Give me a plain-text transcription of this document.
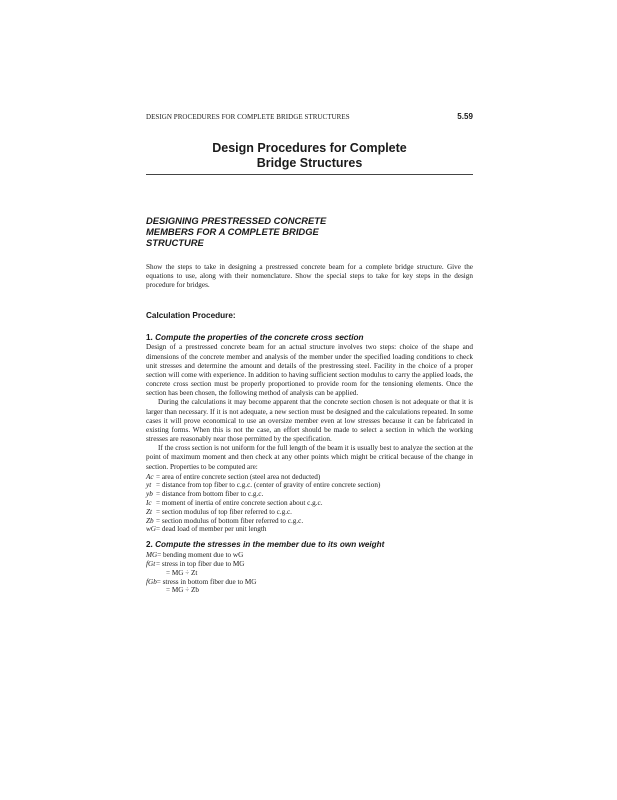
DESIGN PROCEDURES FOR COMPLETE BRIDGE STRUCTURES	5.59
Design Procedures for Complete
Bridge Structures
DESIGNING PRESTRESSED CONCRETE
MEMBERS FOR A COMPLETE BRIDGE
STRUCTURE

Show the steps to take in designing a prestressed concrete beam for a complete bridge structure. Give the equations to use, along with their nomenclature. Show the special steps to take for key steps in the design procedure for bridges.

Calculation Procedure:
1. Compute the properties of the concrete cross section

Design of a prestressed concrete beam for an actual structure involves two steps: choice of the shape and dimensions of the concrete member and analysis of the member under the specified loading conditions to check unit stresses and determine the amount and details of the prestressing steel. Facility in the choice of a proper section will come with experience. In addition to having sufficient section modulus to carry the applied loads, the concrete cross section must be properly proportioned to provide room for the tensioning elements. Once the section has been chosen, the following method of analysis can be applied.

During the calculations it may become apparent that the concrete section chosen is not adequate or that it is larger than necessary. If it is not adequate, a new section must be designed and the calculations repeated. In some cases it will prove economical to use an oversize member even at low stresses because it can be fabricated in existing forms. When this is not the case, an effort should be made to select a section in which the working stresses are reasonably near those permitted by the specification.

If the cross section is not uniform for the full length of the beam it is usually best to analyze the section at the point of maximum moment and then check at any other points which might be critical because of the change in section. Properties to be computed are:

Ac = area of entire concrete section (steel area not deducted)
yt = distance from top fiber to c.g.c. (center of gravity of entire concrete section)
yb = distance from bottom fiber to c.g.c.
Ic = moment of inertia of entire concrete section about c.g.c.
Zt = section modulus of top fiber referred to c.g.c.
Zb = section modulus of bottom fiber referred to c.g.c.
wG= dead load of member per unit length
2. Compute the stresses in the member due to its own weight
MG= bending moment due to wG
fGt= stress in top fiber due to MG
= MG ÷ Zt
fGb= stress in bottom fiber due to MG
= MG ÷ Zb
